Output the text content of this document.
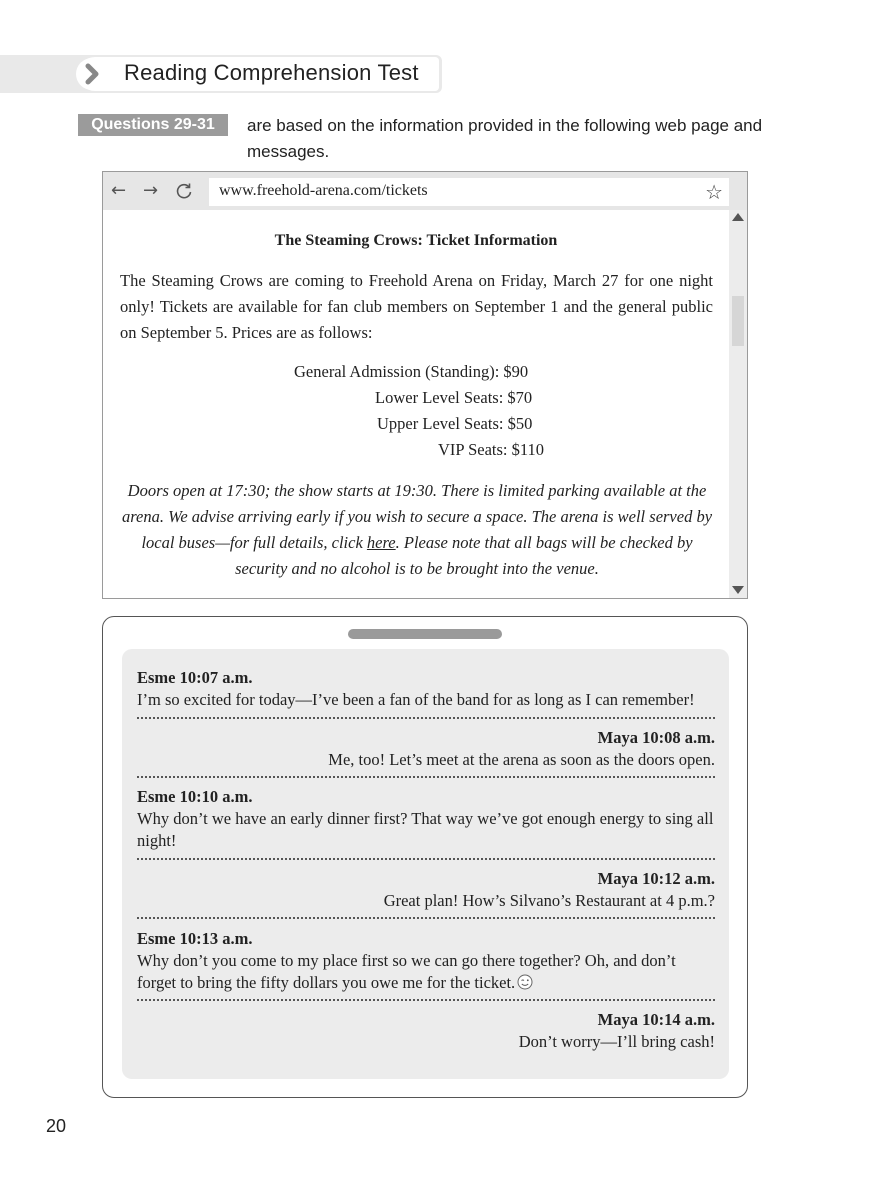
Reading Comprehension Test
Questions 29-31	are based on the information provided in the following web page and messages.
← →	www.freehold-arena.com/tickets	☆
The Steaming Crows: Ticket Information
The Steaming Crows are coming to Freehold Arena on Friday, March 27 for one night only! Tickets are available for fan club members on September 1 and the general public on September 5. Prices are as follows:
General Admission (Standing): $90
Lower Level Seats: $70
Upper Level Seats: $50
VIP Seats: $110
Doors open at 17:30; the show starts at 19:30. There is limited parking available at the arena. We advise arriving early if you wish to secure a space. The arena is well served by local buses—for full details, click here. Please note that all bags will be checked by security and no alcohol is to be brought into the venue.
Esme 10:07 a.m.
I’m so excited for today—I’ve been a fan of the band for as long as I can remember!
Maya 10:08 a.m.
Me, too! Let’s meet at the arena as soon as the doors open.
Esme 10:10 a.m.
Why don’t we have an early dinner first? That way we’ve got enough energy to sing all night!
Maya 10:12 a.m.
Great plan! How’s Silvano’s Restaurant at 4 p.m.?
Esme 10:13 a.m.
Why don’t you come to my place first so we can go there together? Oh, and don’t forget to bring the fifty dollars you owe me for the ticket.
Maya 10:14 a.m.
Don’t worry—I’ll bring cash!
20
